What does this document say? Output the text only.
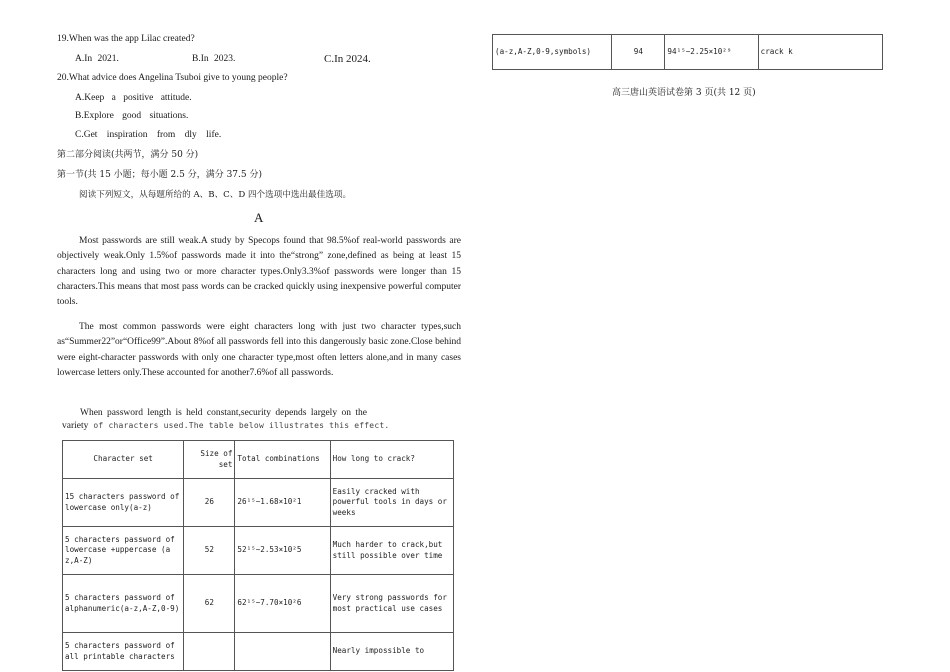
19.When was the app Lilac created?
A.In 2021.	B.In 2023.	C.In 2024.
20.What advice does Angelina Tsuboi give to young people?
A.Keep a positive attitude.
B.Explore good situations.
C.Get inspiration from dly life.
第二部分阅读(共两节，满分 50 分)
第一节(共 15 小题；每小题 2.5 分，满分 37.5 分)
阅读下列短文，从每题所给的 A、B、C、D 四个选项中选出最佳选项。
A

Most passwords are still weak.A study by Specops found that 98.5%of real-world passwords are objectively weak.Only 1.5%of passwords made it into the“strong” zone,defined as being at least 15 characters long and using two or more character types.Only3.3%of passwords were longer than 15 characters.This means that most pass words can be cracked quickly using inexpensive powerful computer tools.

The most common passwords were eight characters long with just two character types,such as“Summer22”or“Office99”.About 8%of all passwords fell into this dangerously basic zone.Close behind were eight-character passwords with only one character type,most often letters alone,and in many cases lowercase letters only.These accounted for another7.6%of all passwords.

When password length is held constant,security depends largely on the
variety of characters used.The table below illustrates this effect.
Character set	Size of set	Total combinations	How long to crack?
15 characters password of lowercase only(a-z)	26	26¹⁵~1.68×10²1	Easily cracked with powerful tools in days or weeks
5 characters password of lowercase +uppercase (a z,A-Z)	52	52¹⁵~2.53×10²5	Much harder to crack,but still possible over time
5 characters password of alphanumeric(a-z,A-Z,0-9)	62	62¹⁵~7.70×10²6	Very strong passwords for most practical use cases
5 characters password of all printable characters			Nearly impossible to
(a-z,A-Z,0-9,symbols)	94	94¹⁵~2.25×10²⁹	crack k
高三唐山英语试卷第 3 页(共 12 页)
